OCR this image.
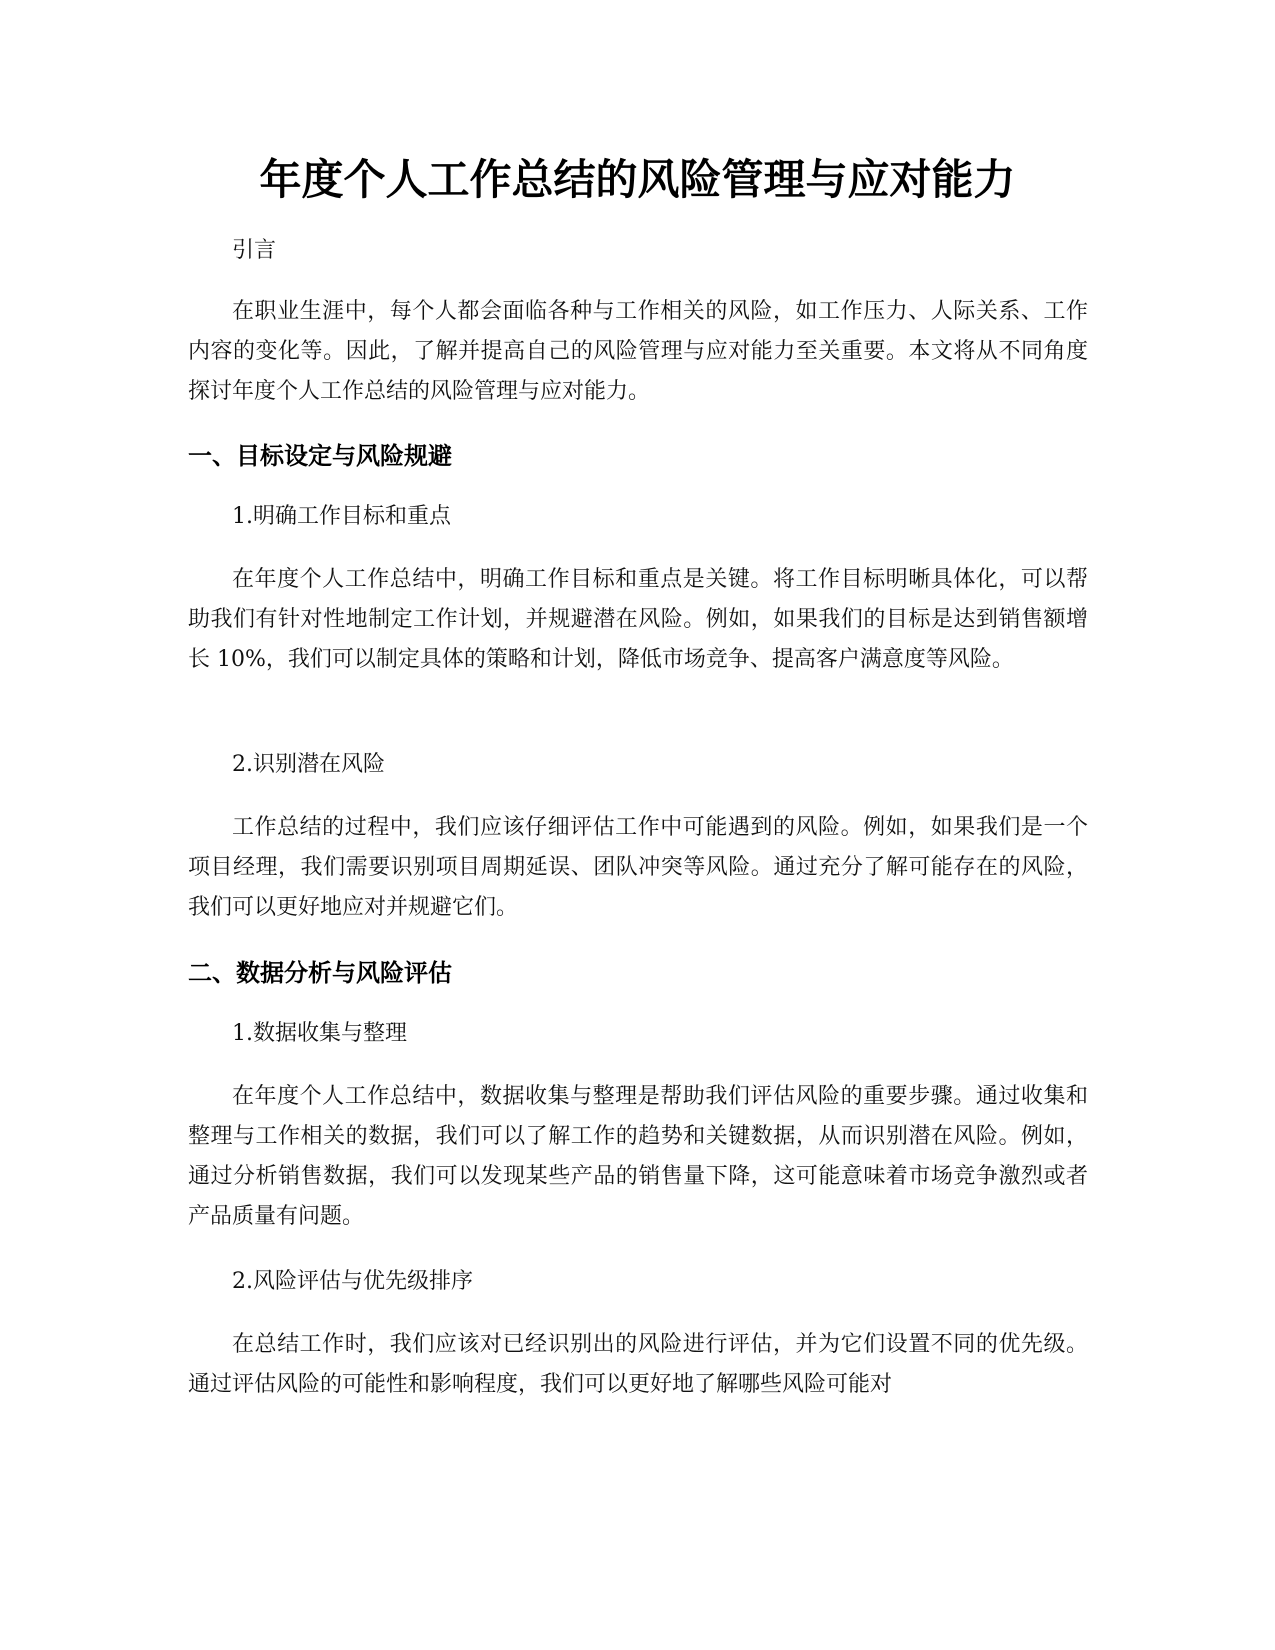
年度个人工作总结的风险管理与应对能力

引言

在职业生涯中，每个人都会面临各种与工作相关的风险，如工作压力、人际关系、工作内容的变化等。因此，了解并提高自己的风险管理与应对能力至关重要。本文将从不同角度探讨年度个人工作总结的风险管理与应对能力。

一、目标设定与风险规避

1.明确工作目标和重点

在年度个人工作总结中，明确工作目标和重点是关键。将工作目标明晰具体化，可以帮助我们有针对性地制定工作计划，并规避潜在风险。例如，如果我们的目标是达到销售额增长 10%，我们可以制定具体的策略和计划，降低市场竞争、提高客户满意度等风险。

2.识别潜在风险

工作总结的过程中，我们应该仔细评估工作中可能遇到的风险。例如，如果我们是一个项目经理，我们需要识别项目周期延误、团队冲突等风险。通过充分了解可能存在的风险，我们可以更好地应对并规避它们。

二、数据分析与风险评估

1.数据收集与整理

在年度个人工作总结中，数据收集与整理是帮助我们评估风险的重要步骤。通过收集和整理与工作相关的数据，我们可以了解工作的趋势和关键数据，从而识别潜在风险。例如，通过分析销售数据，我们可以发现某些产品的销售量下降，这可能意味着市场竞争激烈或者产品质量有问题。

2.风险评估与优先级排序

在总结工作时，我们应该对已经识别出的风险进行评估，并为它们设置不同的优先级。通过评估风险的可能性和影响程度，我们可以更好地了解哪些风险可能对
